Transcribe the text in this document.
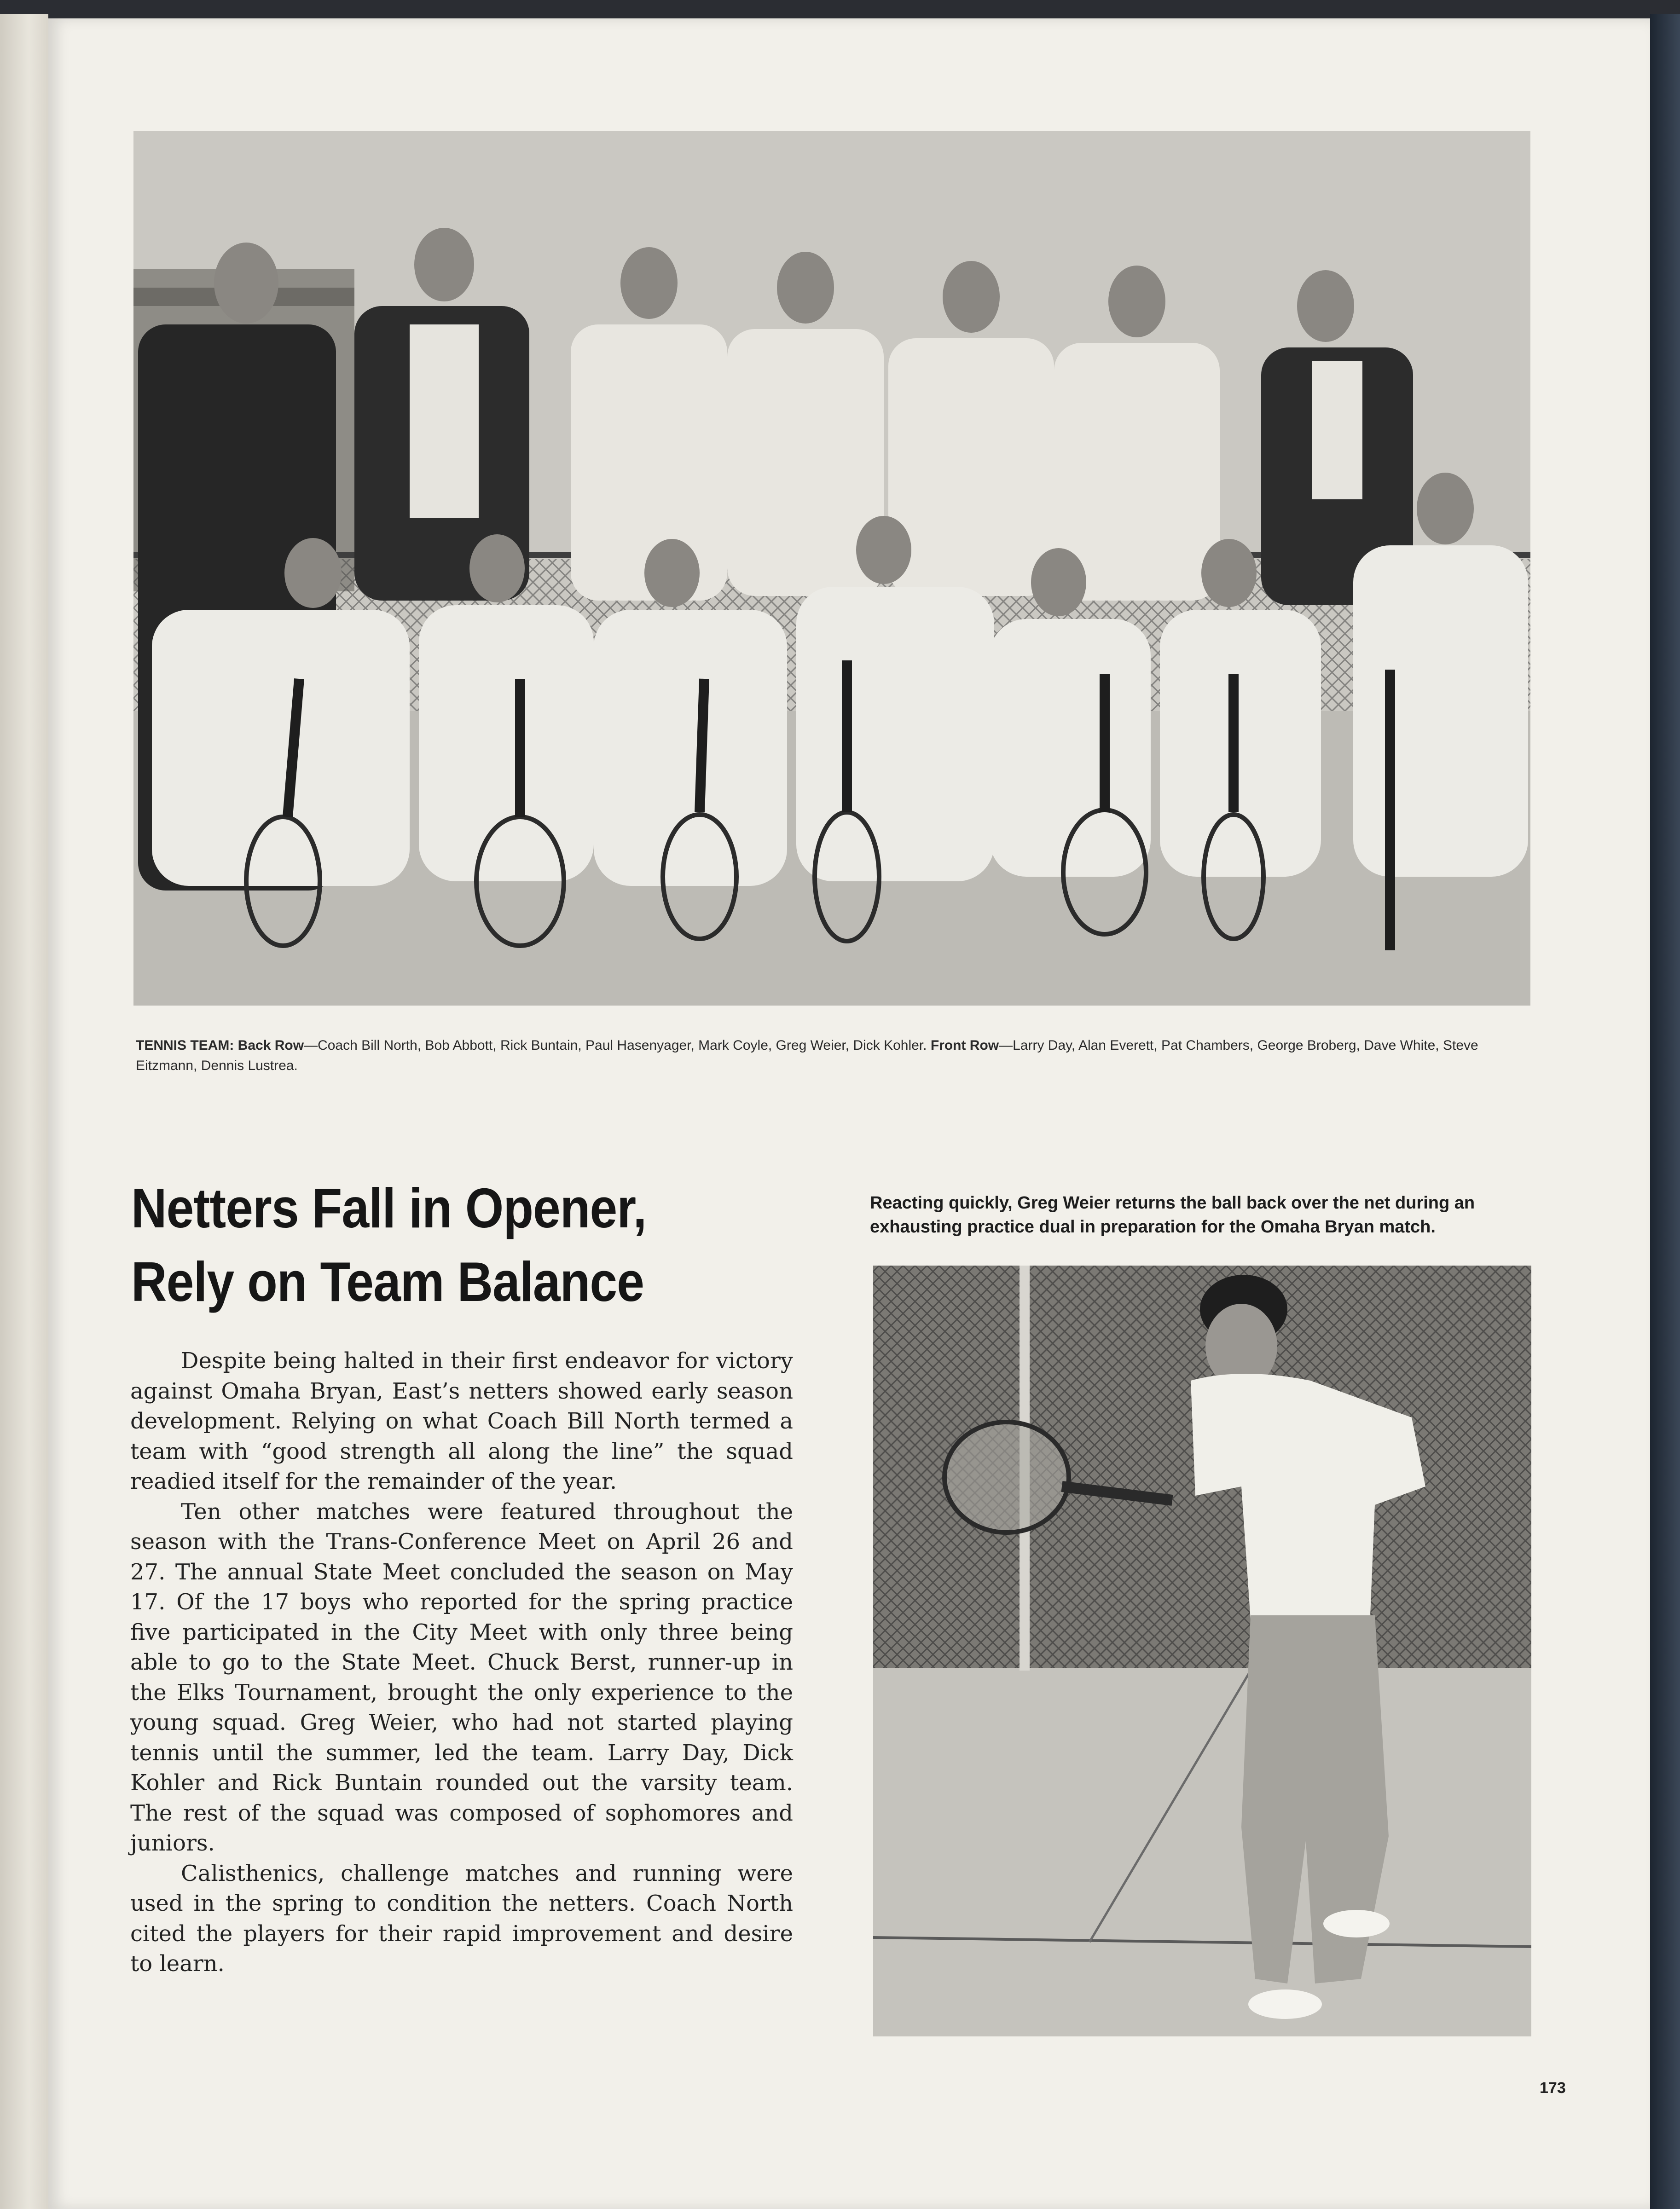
TENNIS TEAM: Back Row—Coach Bill North, Bob Abbott, Rick Buntain, Paul Hasenyager, Mark Coyle, Greg Weier, Dick Kohler. Front Row—Larry Day, Alan Everett, Pat Chambers, George Broberg, Dave White, Steve Eitzmann, Dennis Lustrea.
Netters Fall in Opener,
Rely on Team Balance

Despite being halted in their first endeavor for victory against Omaha Bryan, East’s netters showed early season development. Relying on what Coach Bill North termed a team with “good strength all along the line” the squad readied itself for the remainder of the year.

Ten other matches were featured throughout the season with the Trans-Conference Meet on April 26 and 27. The annual State Meet concluded the season on May 17. Of the 17 boys who reported for the spring practice five participated in the City Meet with only three being able to go to the State Meet. Chuck Berst, runner-up in the Elks Tournament, brought the only experience to the young squad. Greg Weier, who had not started playing tennis until the summer, led the team. Larry Day, Dick Kohler and Rick Buntain rounded out the varsity team. The rest of the squad was composed of sophomores and juniors.

Calisthenics, challenge matches and running were used in the spring to condition the netters. Coach North cited the players for their rapid improvement and desire to learn.

Reacting quickly, Greg Weier returns the ball back over the net during an exhausting practice dual in preparation for the Omaha Bryan match.
173
